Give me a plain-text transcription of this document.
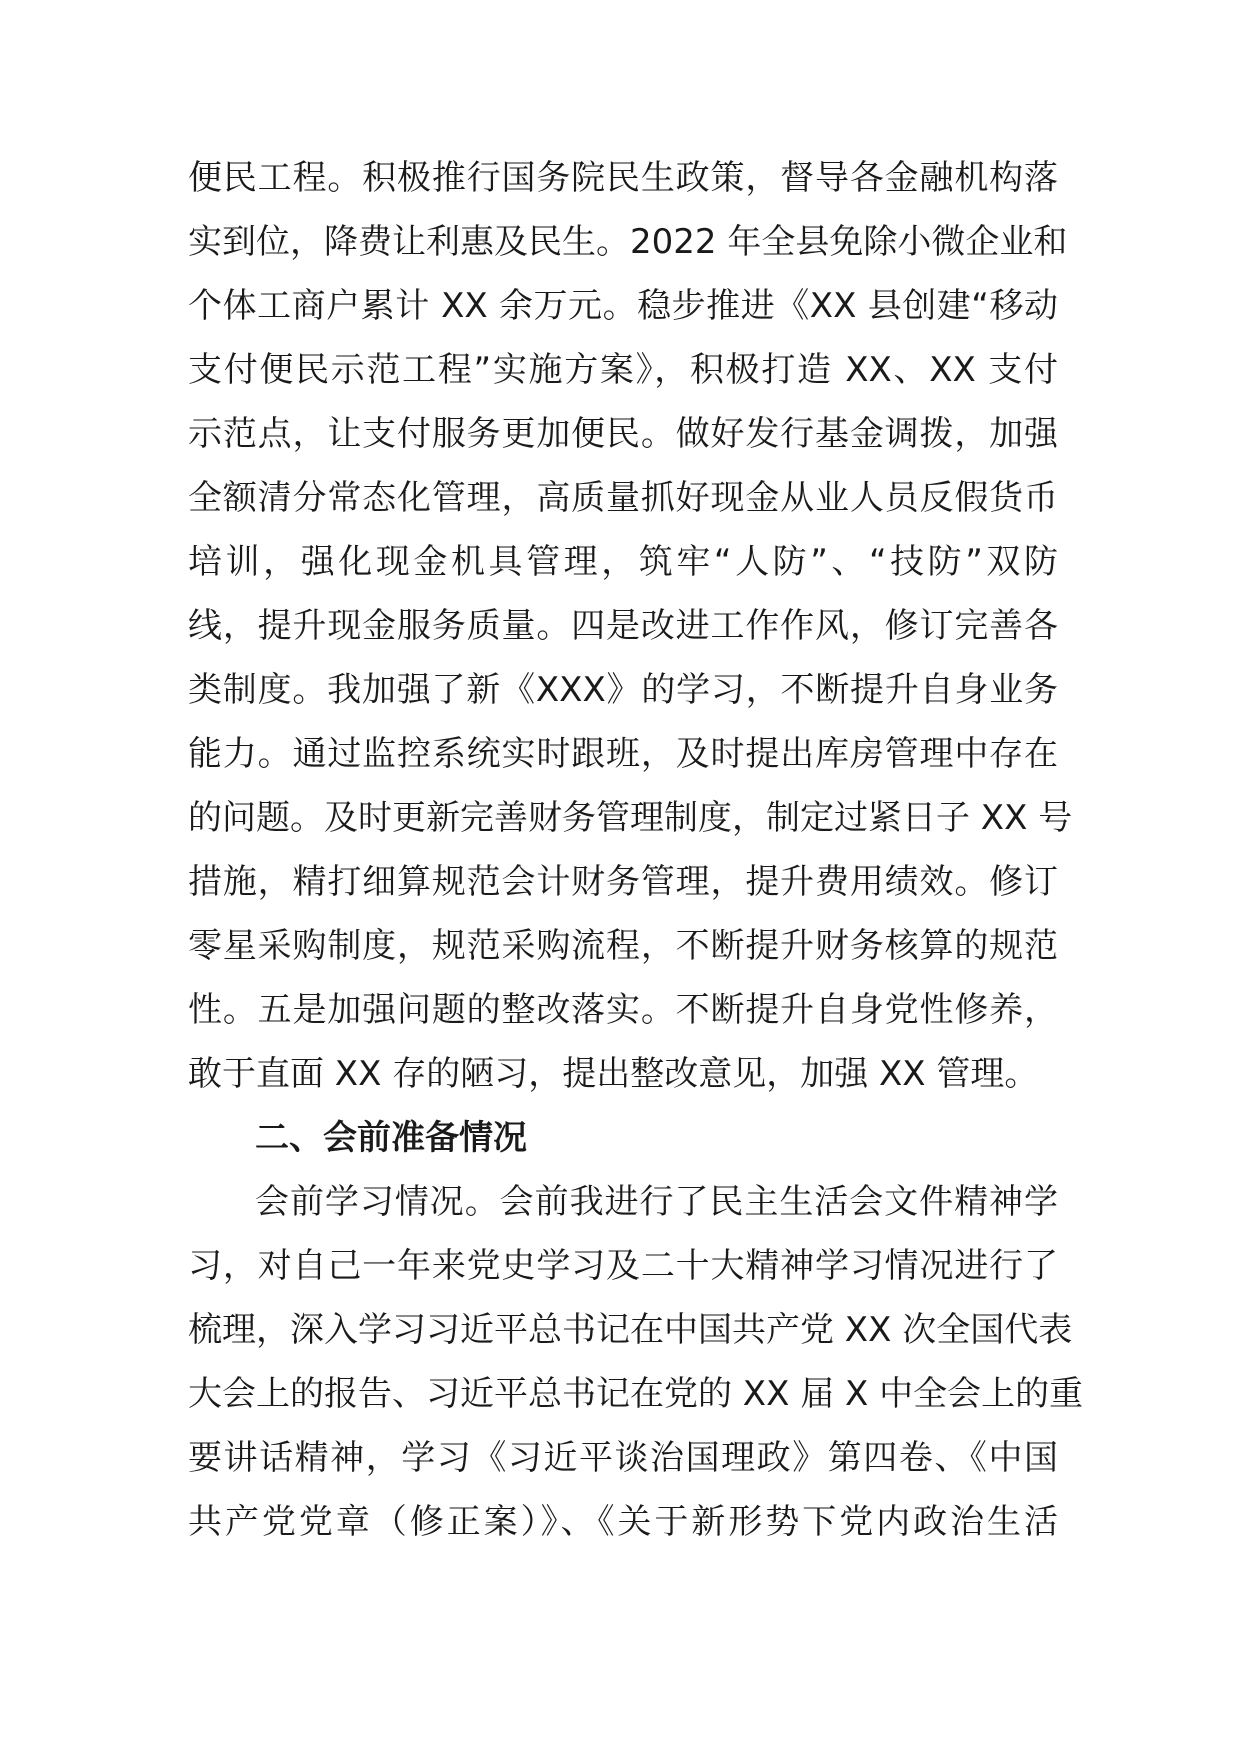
便民工程。积极推行国务院民生政策，督导各金融机构落
实到位，降费让利惠及民生。2022 年全县免除小微企业和
个体工商户累计 XX 余万元。稳步推进《XX 县创建“移动
支付便民示范工程”实施方案》，积极打造 XX、XX 支付
示范点，让支付服务更加便民。做好发行基金调拨，加强
全额清分常态化管理，高质量抓好现金从业人员反假货币
培训，强化现金机具管理，筑牢“人防”、“技防”双防
线，提升现金服务质量。四是改进工作作风，修订完善各
类制度。我加强了新《XXX》的学习，不断提升自身业务
能力。通过监控系统实时跟班，及时提出库房管理中存在
的问题。及时更新完善财务管理制度，制定过紧日子 XX 号
措施，精打细算规范会计财务管理，提升费用绩效。修订
零星采购制度，规范采购流程，不断提升财务核算的规范
性。五是加强问题的整改落实。不断提升自身党性修养，
敢于直面 XX 存的陋习，提出整改意见，加强 XX 管理。
二、会前准备情况
会前学习情况。会前我进行了民主生活会文件精神学
习，对自己一年来党史学习及二十大精神学习情况进行了
梳理，深入学习习近平总书记在中国共产党 XX 次全国代表
大会上的报告、习近平总书记在党的 XX 届 X 中全会上的重
要讲话精神，学习《习近平谈治国理政》第四卷、《中国
共产党党章（修正案）》、《关于新形势下党内政治生活
